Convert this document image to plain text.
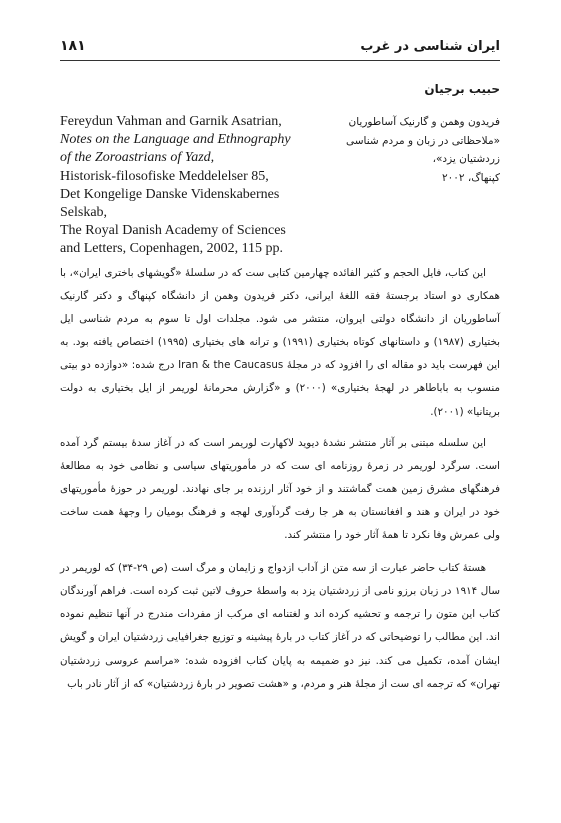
۱۸۱	ایران شناسی در غرب
حبیب برجیان
Fereydun Vahman and Garnik Asatrian,
Notes on the Language and Ethnography
of the Zoroastrians of Yazd,
Historisk-filosofiske Meddelelser 85,
Det Kongelige Danske Videnskabernes
Selskab,
The Royal Danish Academy of Sciences
and Letters, Copenhagen, 2002, 115 pp.
فریدون وهمن و گارنیک آساطوریان
«ملاحظاتی در زبان و مردم شناسی
زردشتیان یزد»،
کپنهاگ، ۲۰۰۲

این کتاب، فایل الحجم و کثیر الفائده چهارمین کتابی ست که در سلسلهٔ «گویشهای باختری ایران»، با همکاری دو استاد برجستهٔ فقه اللغهٔ ایرانی، دکتر فریدون وهمن از دانشگاه کپنهاگ و دکتر گارنیک آساطوریان از دانشگاه دولتی ایروان، منتشر می شود. مجلدات اول تا سوم به مردم شناسی ایل بختیاری (۱۹۸۷) و داستانهای کوتاه بختیاری (۱۹۹۱) و ترانه های بختیاری (۱۹۹۵) اختصاص یافته بود. به این فهرست باید دو مقاله ای را افزود که در مجلهٔ Iran & the Caucasus درج شده: «دوازده دو بیتی منسوب به باباطاهر در لهجهٔ بختیاری» (۲۰۰۰) و «گزارش محرمانهٔ لوریمر از ایل بختیاری به دولت بریتانیا» (۲۰۰۱).

این سلسله مبتنی بر آثار منتشر نشدهٔ دیوید لاکهارت لوریمر است که در آغاز سدهٔ بیستم گرد آمده است. سرگرد لوریمر در زمرهٔ روزنامه ای ست که در مأموریتهای سیاسی و نظامی خود به مطالعهٔ فرهنگهای مشرق زمین همت گماشتند و از خود آثار ارزنده بر جای نهادند. لوریمر در حوزهٔ مأموریتهای خود در ایران و هند و افغانستان به هر جا رفت گردآوری لهجه و فرهنگ بومیان را وجههٔ همت ساخت ولی عمرش وفا نکرد تا همهٔ آثار خود را منتشر کند.

هستهٔ کتاب حاضر عبارت از سه متن از آداب ازدواج و زایمان و مرگ است (ص ۲۹-۳۴) که لوریمر در سال ۱۹۱۴ در زبان برزو نامی از زردشتیان یزد به واسطهٔ حروف لاتین ثبت کرده است. فراهم آورندگان کتاب این متون را ترجمه و تحشیه کرده اند و لغتنامه ای مرکب از مفردات مندرج در آنها تنظیم نموده اند. این مطالب را توضیحاتی که در آغاز کتاب در بارهٔ پیشینه و توزیع جغرافیایی زردشتیان ایران و گویش ایشان آمده، تکمیل می کند. نیز دو ضمیمه به پایان کتاب افزوده شده: «مراسم عروسی زردشتیان تهران» که ترجمه ای ست از مجلهٔ هنر و مردم، و «هشت تصویر در بارهٔ زردشتیان» که از آثار نادر باب
